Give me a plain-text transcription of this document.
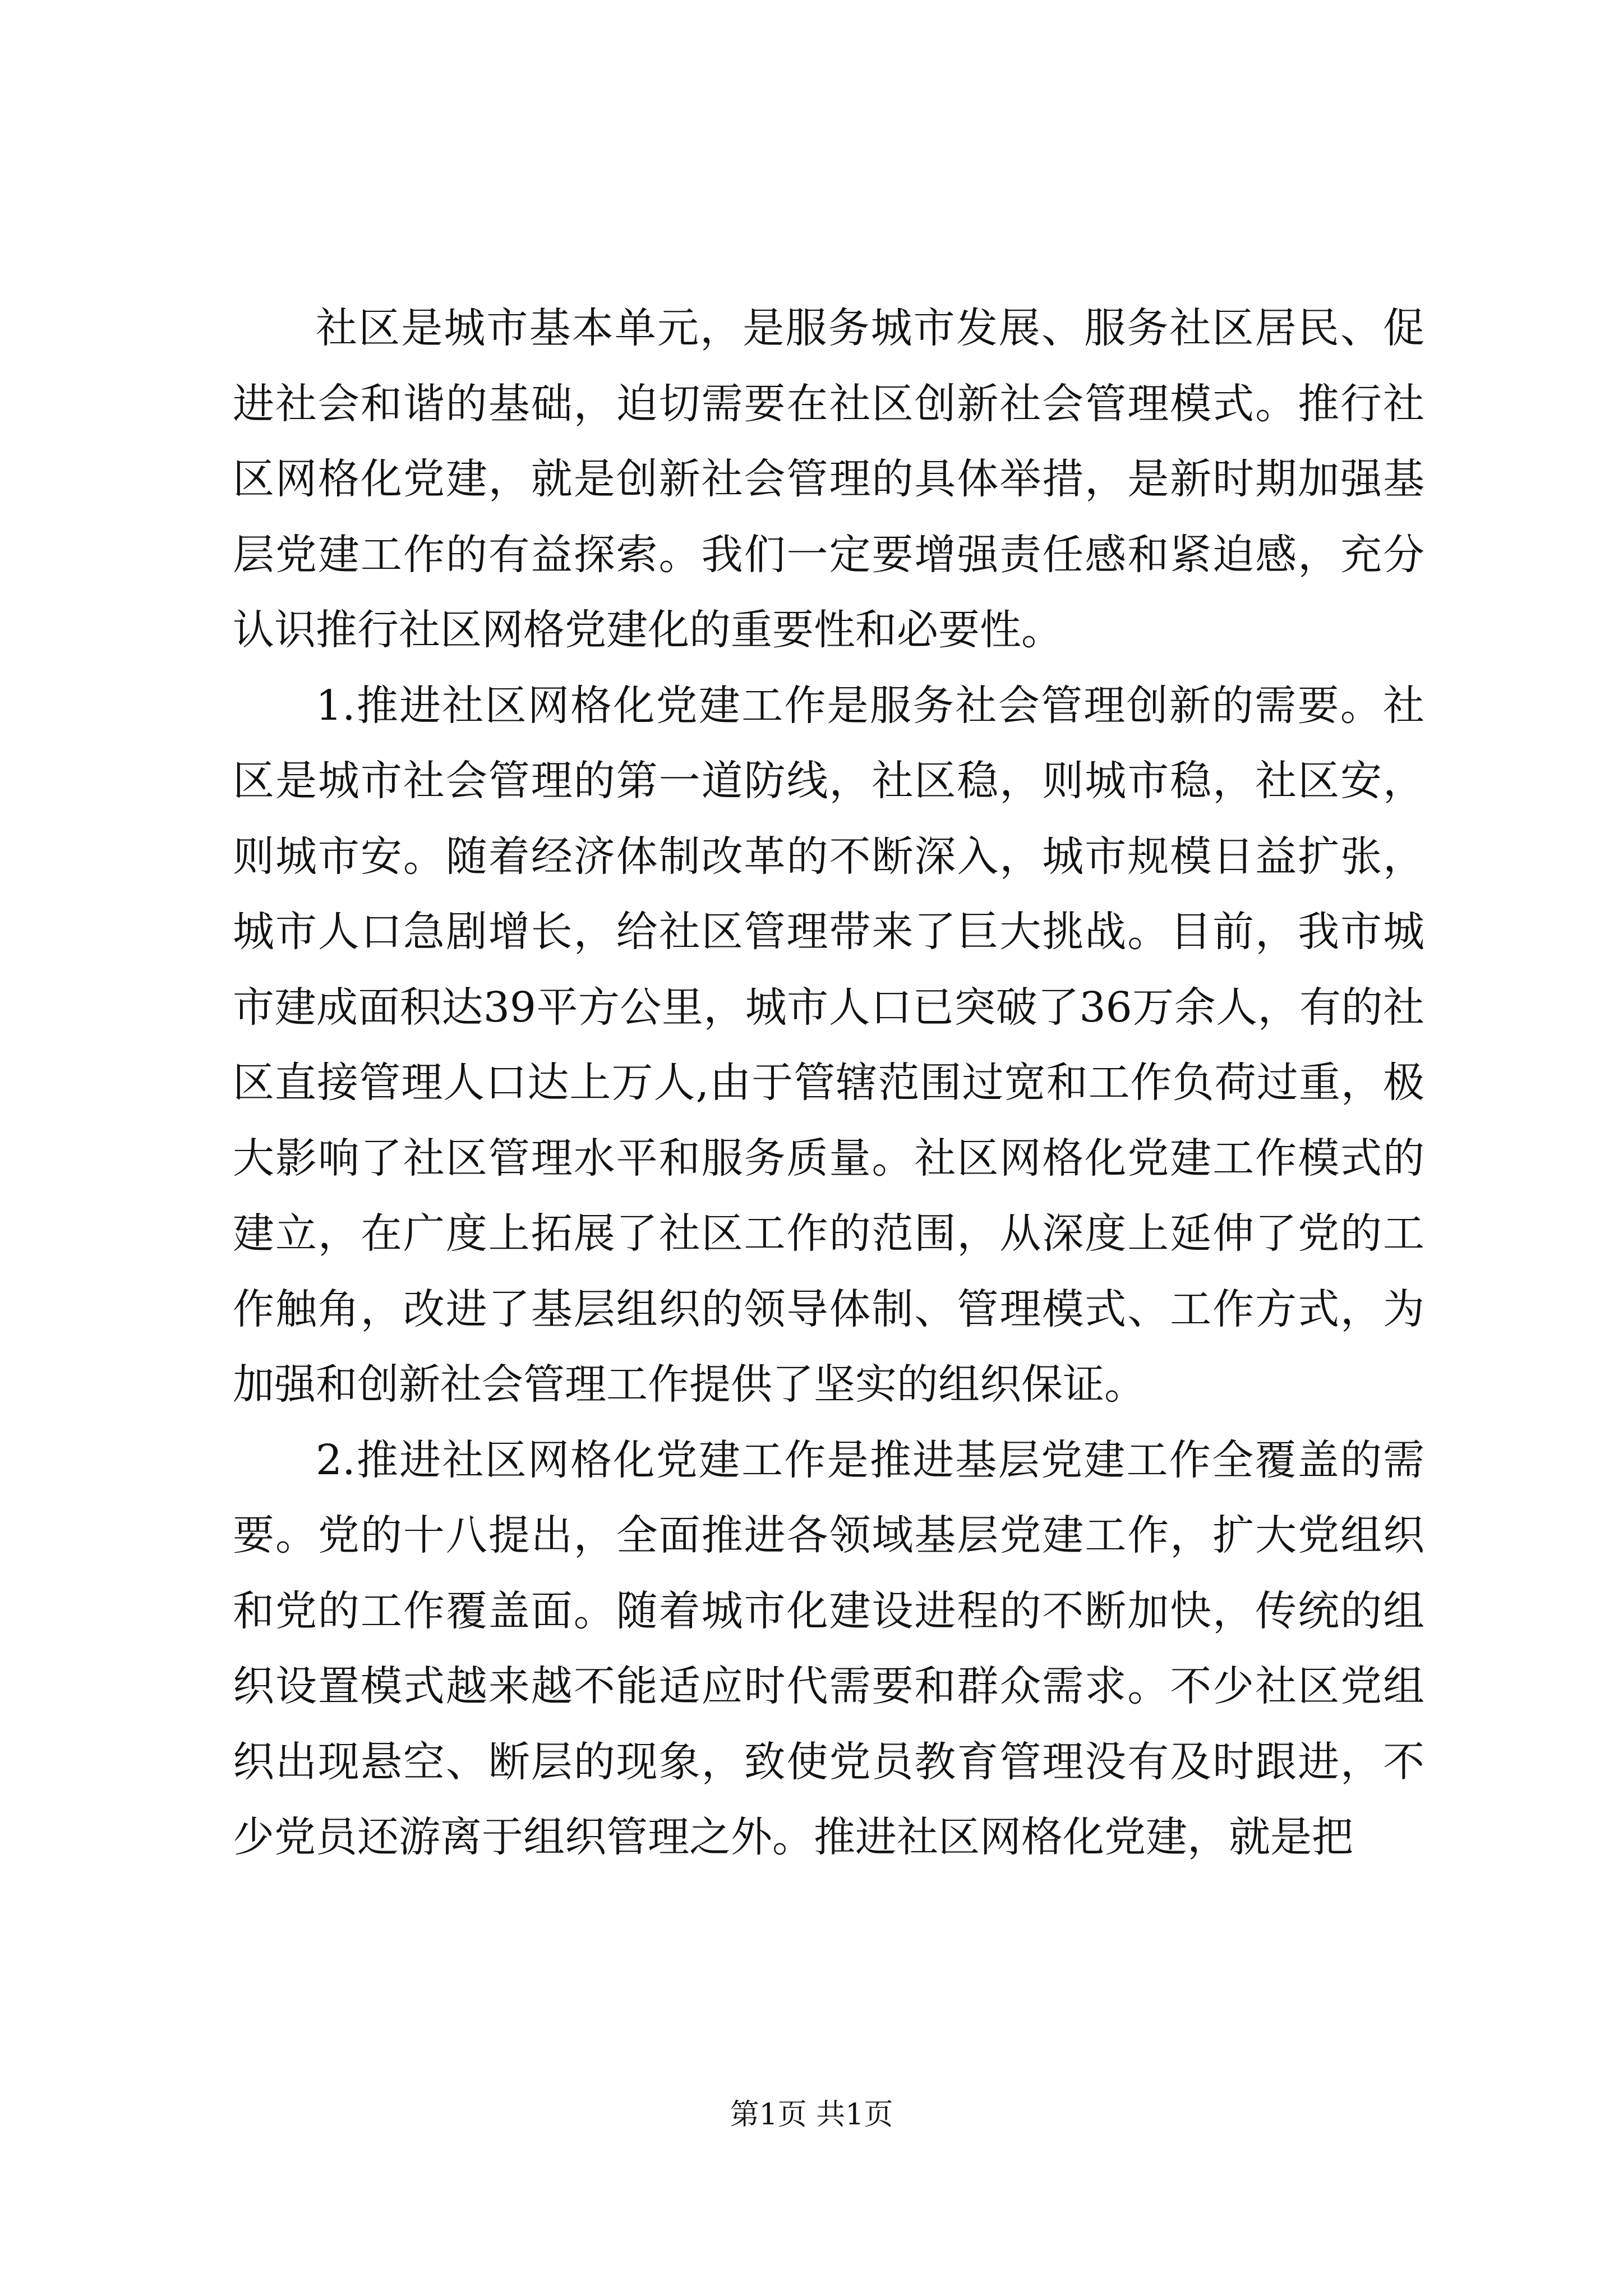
社区是城市基本单元，是服务城市发展、服务社区居民、促进社会和谐的基础，迫切需要在社区创新社会管理模式。推行社区网格化党建，就是创新社会管理的具体举措，是新时期加强基层党建工作的有益探索。我们一定要增强责任感和紧迫感，充分认识推行社区网格党建化的重要性和必要性。

1.推进社区网格化党建工作是服务社会管理创新的需要。社区是城市社会管理的第一道防线，社区稳，则城市稳，社区安，则城市安。随着经济体制改革的不断深入，城市规模日益扩张，城市人口急剧增长，给社区管理带来了巨大挑战。目前，我市城市建成面积达39平方公里，城市人口已突破了36万余人，有的社区直接管理人口达上万人,由于管辖范围过宽和工作负荷过重，极大影响了社区管理水平和服务质量。社区网格化党建工作模式的建立，在广度上拓展了社区工作的范围，从深度上延伸了党的工作触角，改进了基层组织的领导体制、管理模式、工作方式，为加强和创新社会管理工作提供了坚实的组织保证。

2.推进社区网格化党建工作是推进基层党建工作全覆盖的需要。党的十八提出，全面推进各领域基层党建工作，扩大党组织和党的工作覆盖面。随着城市化建设进程的不断加快，传统的组织设置模式越来越不能适应时代需要和群众需求。不少社区党组织出现悬空、断层的现象，致使党员教育管理没有及时跟进，不少党员还游离于组织管理之外。推进社区网格化党建，就是把

第1页 共1页
